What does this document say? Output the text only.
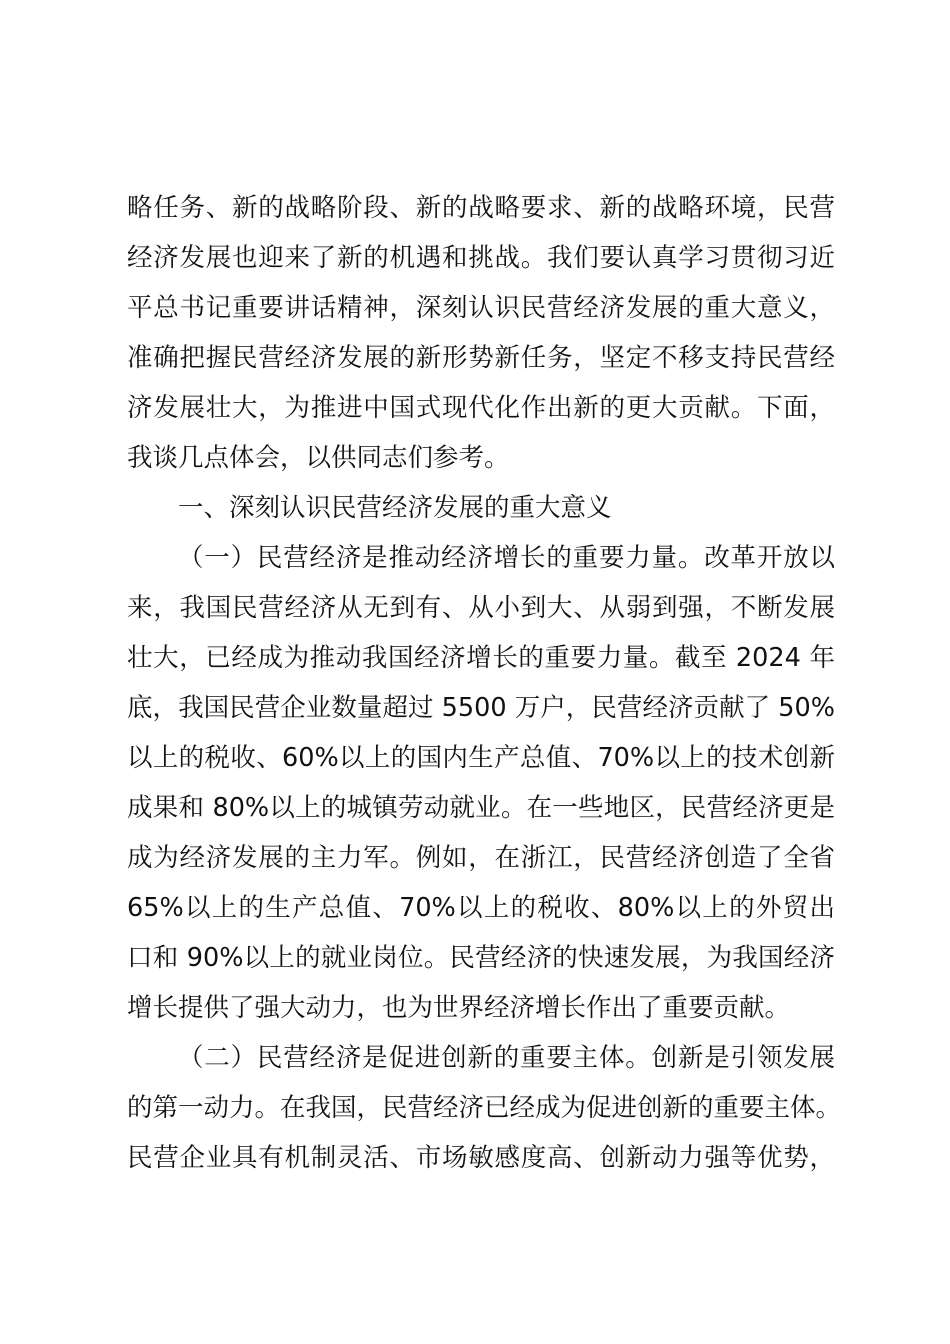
略任务、新的战略阶段、新的战略要求、新的战略环境，民营
经济发展也迎来了新的机遇和挑战。我们要认真学习贯彻习近
平总书记重要讲话精神，深刻认识民营经济发展的重大意义，
准确把握民营经济发展的新形势新任务，坚定不移支持民营经
济发展壮大，为推进中国式现代化作出新的更大贡献。下面，
我谈几点体会，以供同志们参考。
一、深刻认识民营经济发展的重大意义
（一）民营经济是推动经济增长的重要力量。改革开放以
来，我国民营经济从无到有、从小到大、从弱到强，不断发展
壮大，已经成为推动我国经济增长的重要力量。截至 2024 年
底，我国民营企业数量超过 5500 万户，民营经济贡献了 50%
以上的税收、60%以上的国内生产总值、70%以上的技术创新
成果和 80%以上的城镇劳动就业。在一些地区，民营经济更是
成为经济发展的主力军。例如，在浙江，民营经济创造了全省
65%以上的生产总值、70%以上的税收、80%以上的外贸出
口和 90%以上的就业岗位。民营经济的快速发展，为我国经济
增长提供了强大动力，也为世界经济增长作出了重要贡献。
（二）民营经济是促进创新的重要主体。创新是引领发展
的第一动力。在我国，民营经济已经成为促进创新的重要主体。
民营企业具有机制灵活、市场敏感度高、创新动力强等优势，
